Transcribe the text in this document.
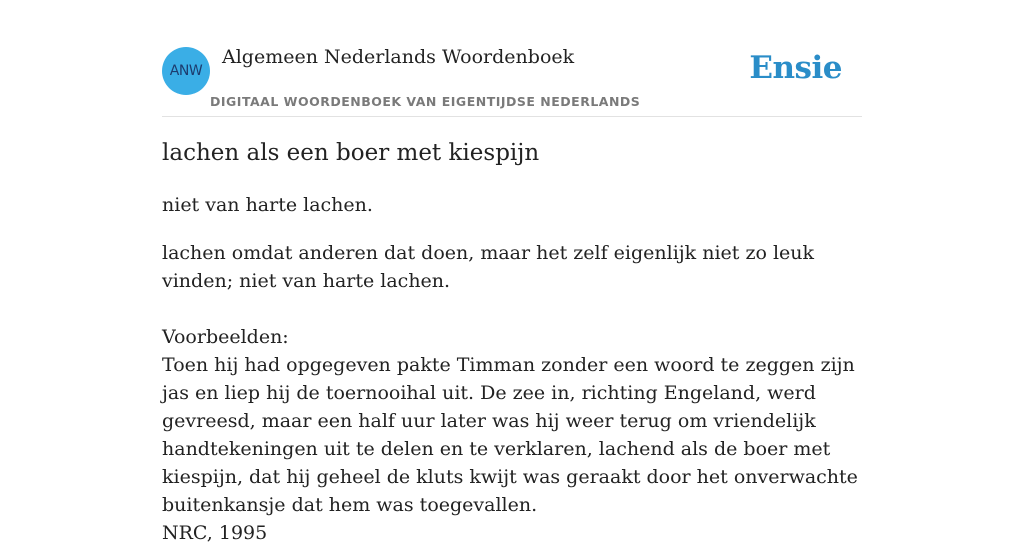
ANW
Algemeen Nederlands Woordenboek
DIGITAAL WOORDENBOEK VAN EIGENTIJDSE NEDERLANDS
Ensie
lachen als een boer met kiespijn
niet van harte lachen.

lachen omdat anderen dat doen, maar het zelf eigenlijk niet zo leuk vinden; niet van harte lachen.

Voorbeelden:

Toen hij had opgegeven pakte Timman zonder een woord te zeggen zijn jas en liep hij de toernooihal uit. De zee in, richting Engeland, werd gevreesd, maar een half uur later was hij weer terug om vriendelijk handtekeningen uit te delen en te verklaren, lachend als de boer met kiespijn, dat hij geheel de kluts kwijt was geraakt door het onverwachte buitenkansje dat hem was toegevallen.

NRC, 1995
